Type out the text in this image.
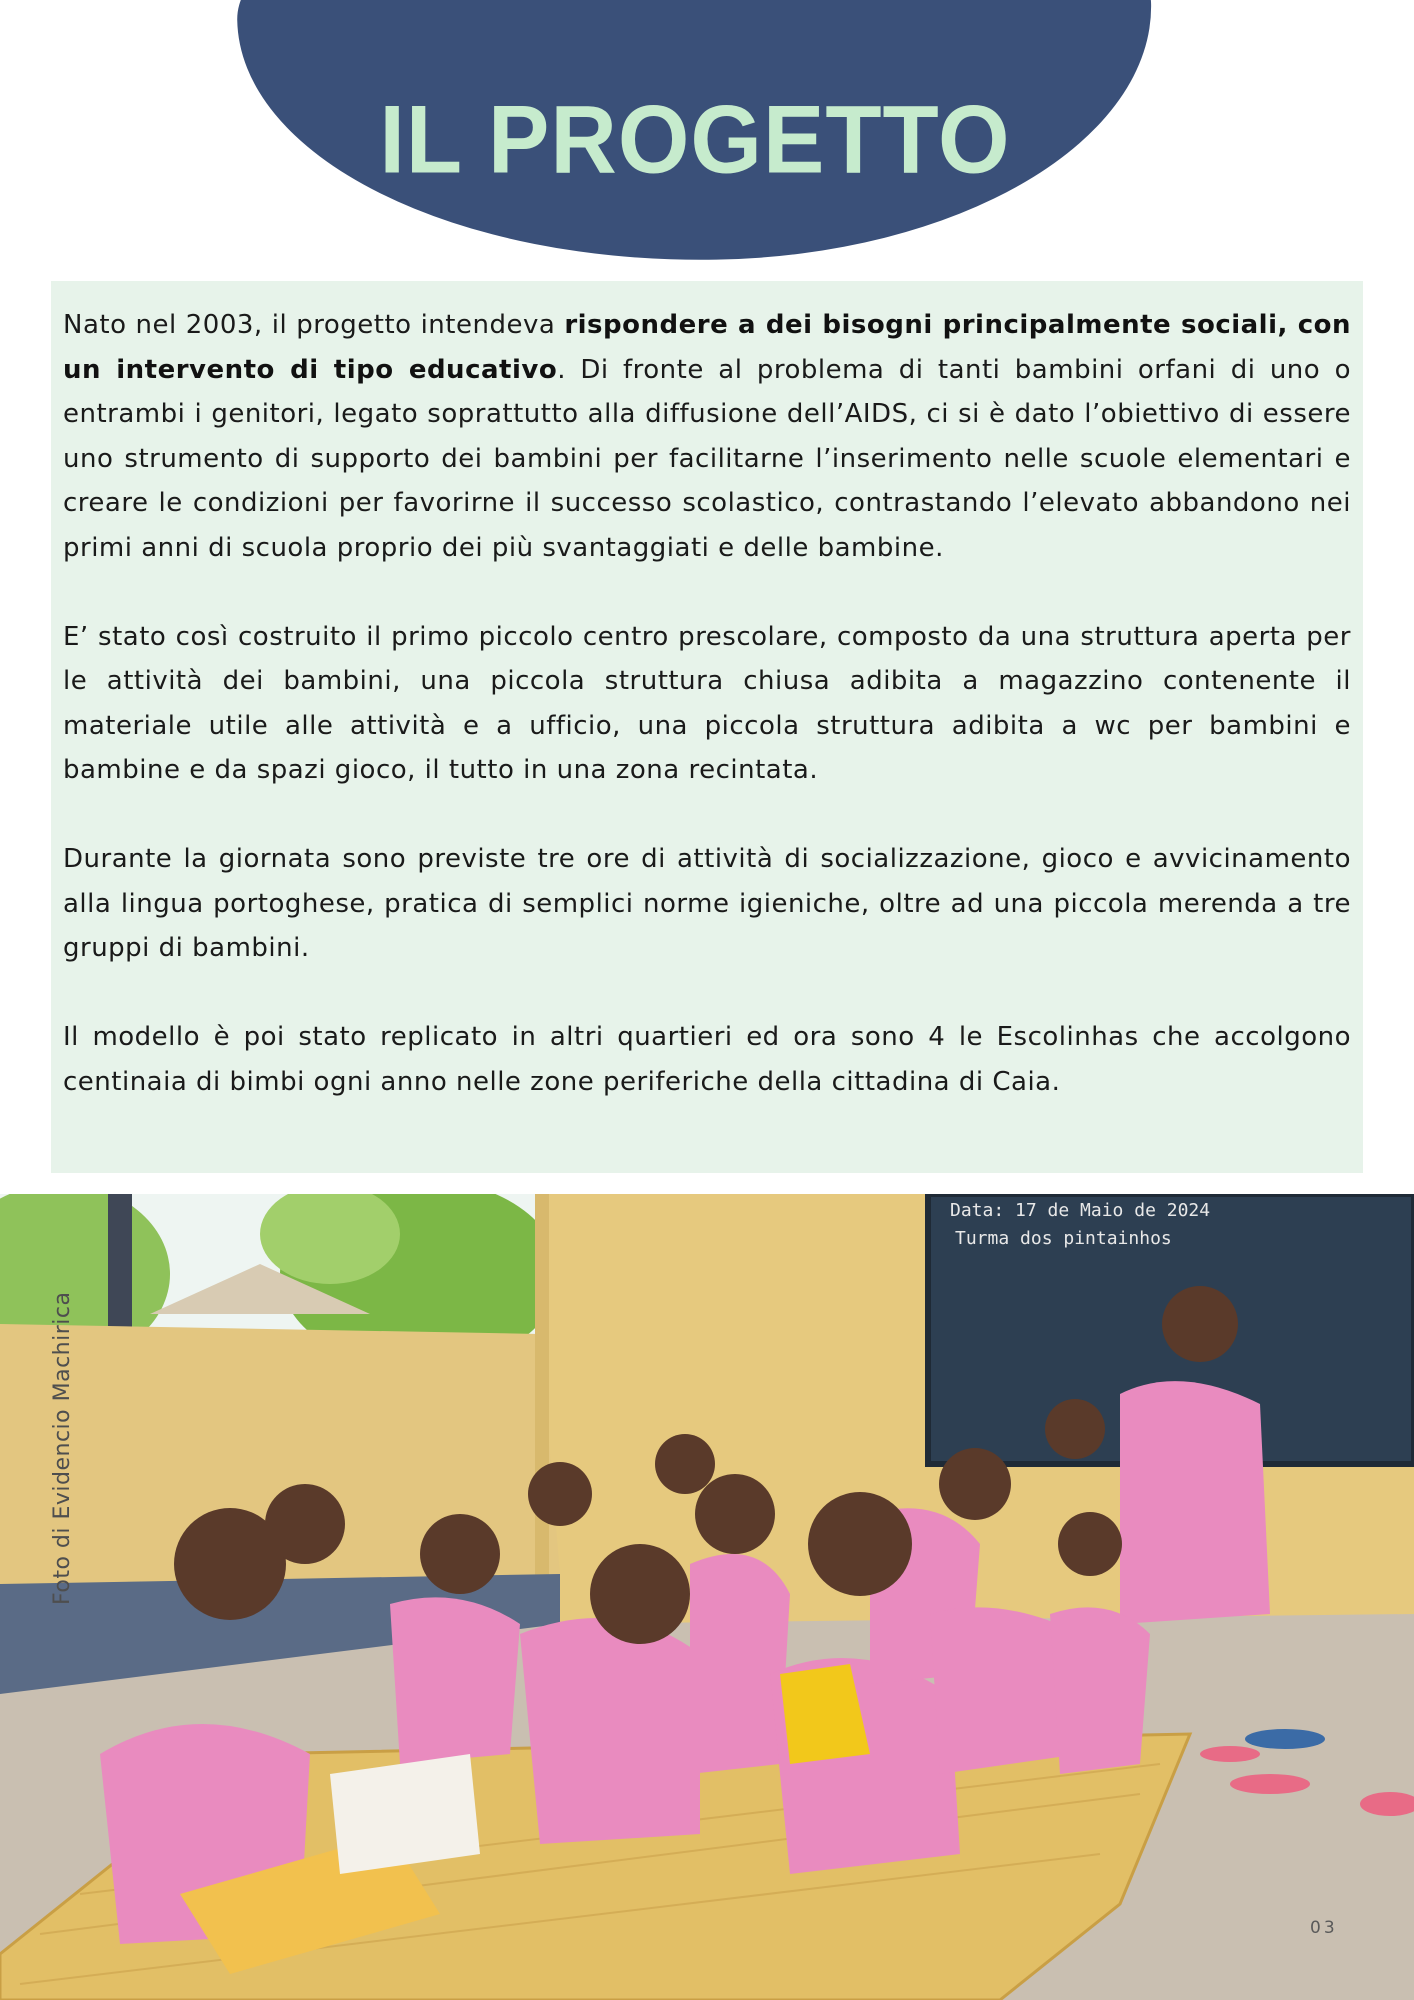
IL PROGETTO

Nato nel 2003, il progetto intendeva rispondere a dei bisogni principalmente sociali, con un intervento di tipo educativo. Di fronte al problema di tanti bambini orfani di uno o entrambi i genitori, legato soprattutto alla diffusione dell’AIDS, ci si è dato l’obiettivo di essere uno strumento di supporto dei bambini per facilitarne l’inserimento nelle scuole elementari e creare le condizioni per favorirne il successo scolastico, contrastando l’elevato abbandono nei primi anni di scuola proprio dei più svantaggiati e delle bambine.

E’ stato così costruito il primo piccolo centro prescolare, composto da una struttura aperta per le attività dei bambini, una piccola struttura chiusa adibita a magazzino contenente il materiale utile alle attività e a ufficio, una piccola struttura adibita a wc per bambini e bambine e da spazi gioco, il tutto in una zona recintata.

Durante la giornata sono previste tre ore di attività di socializzazione, gioco e avvicinamento alla lingua portoghese, pratica di semplici norme igieniche, oltre ad una piccola merenda a tre gruppi di bambini.

Il modello è poi stato replicato in altri quartieri ed ora sono 4 le Escolinhas che accolgono centinaia di bimbi ogni anno nelle zone periferiche della cittadina di Caia.

Data: 17 de Maio de 2024
Turma dos pintainhos
Foto di Evidencio Machirica
03
